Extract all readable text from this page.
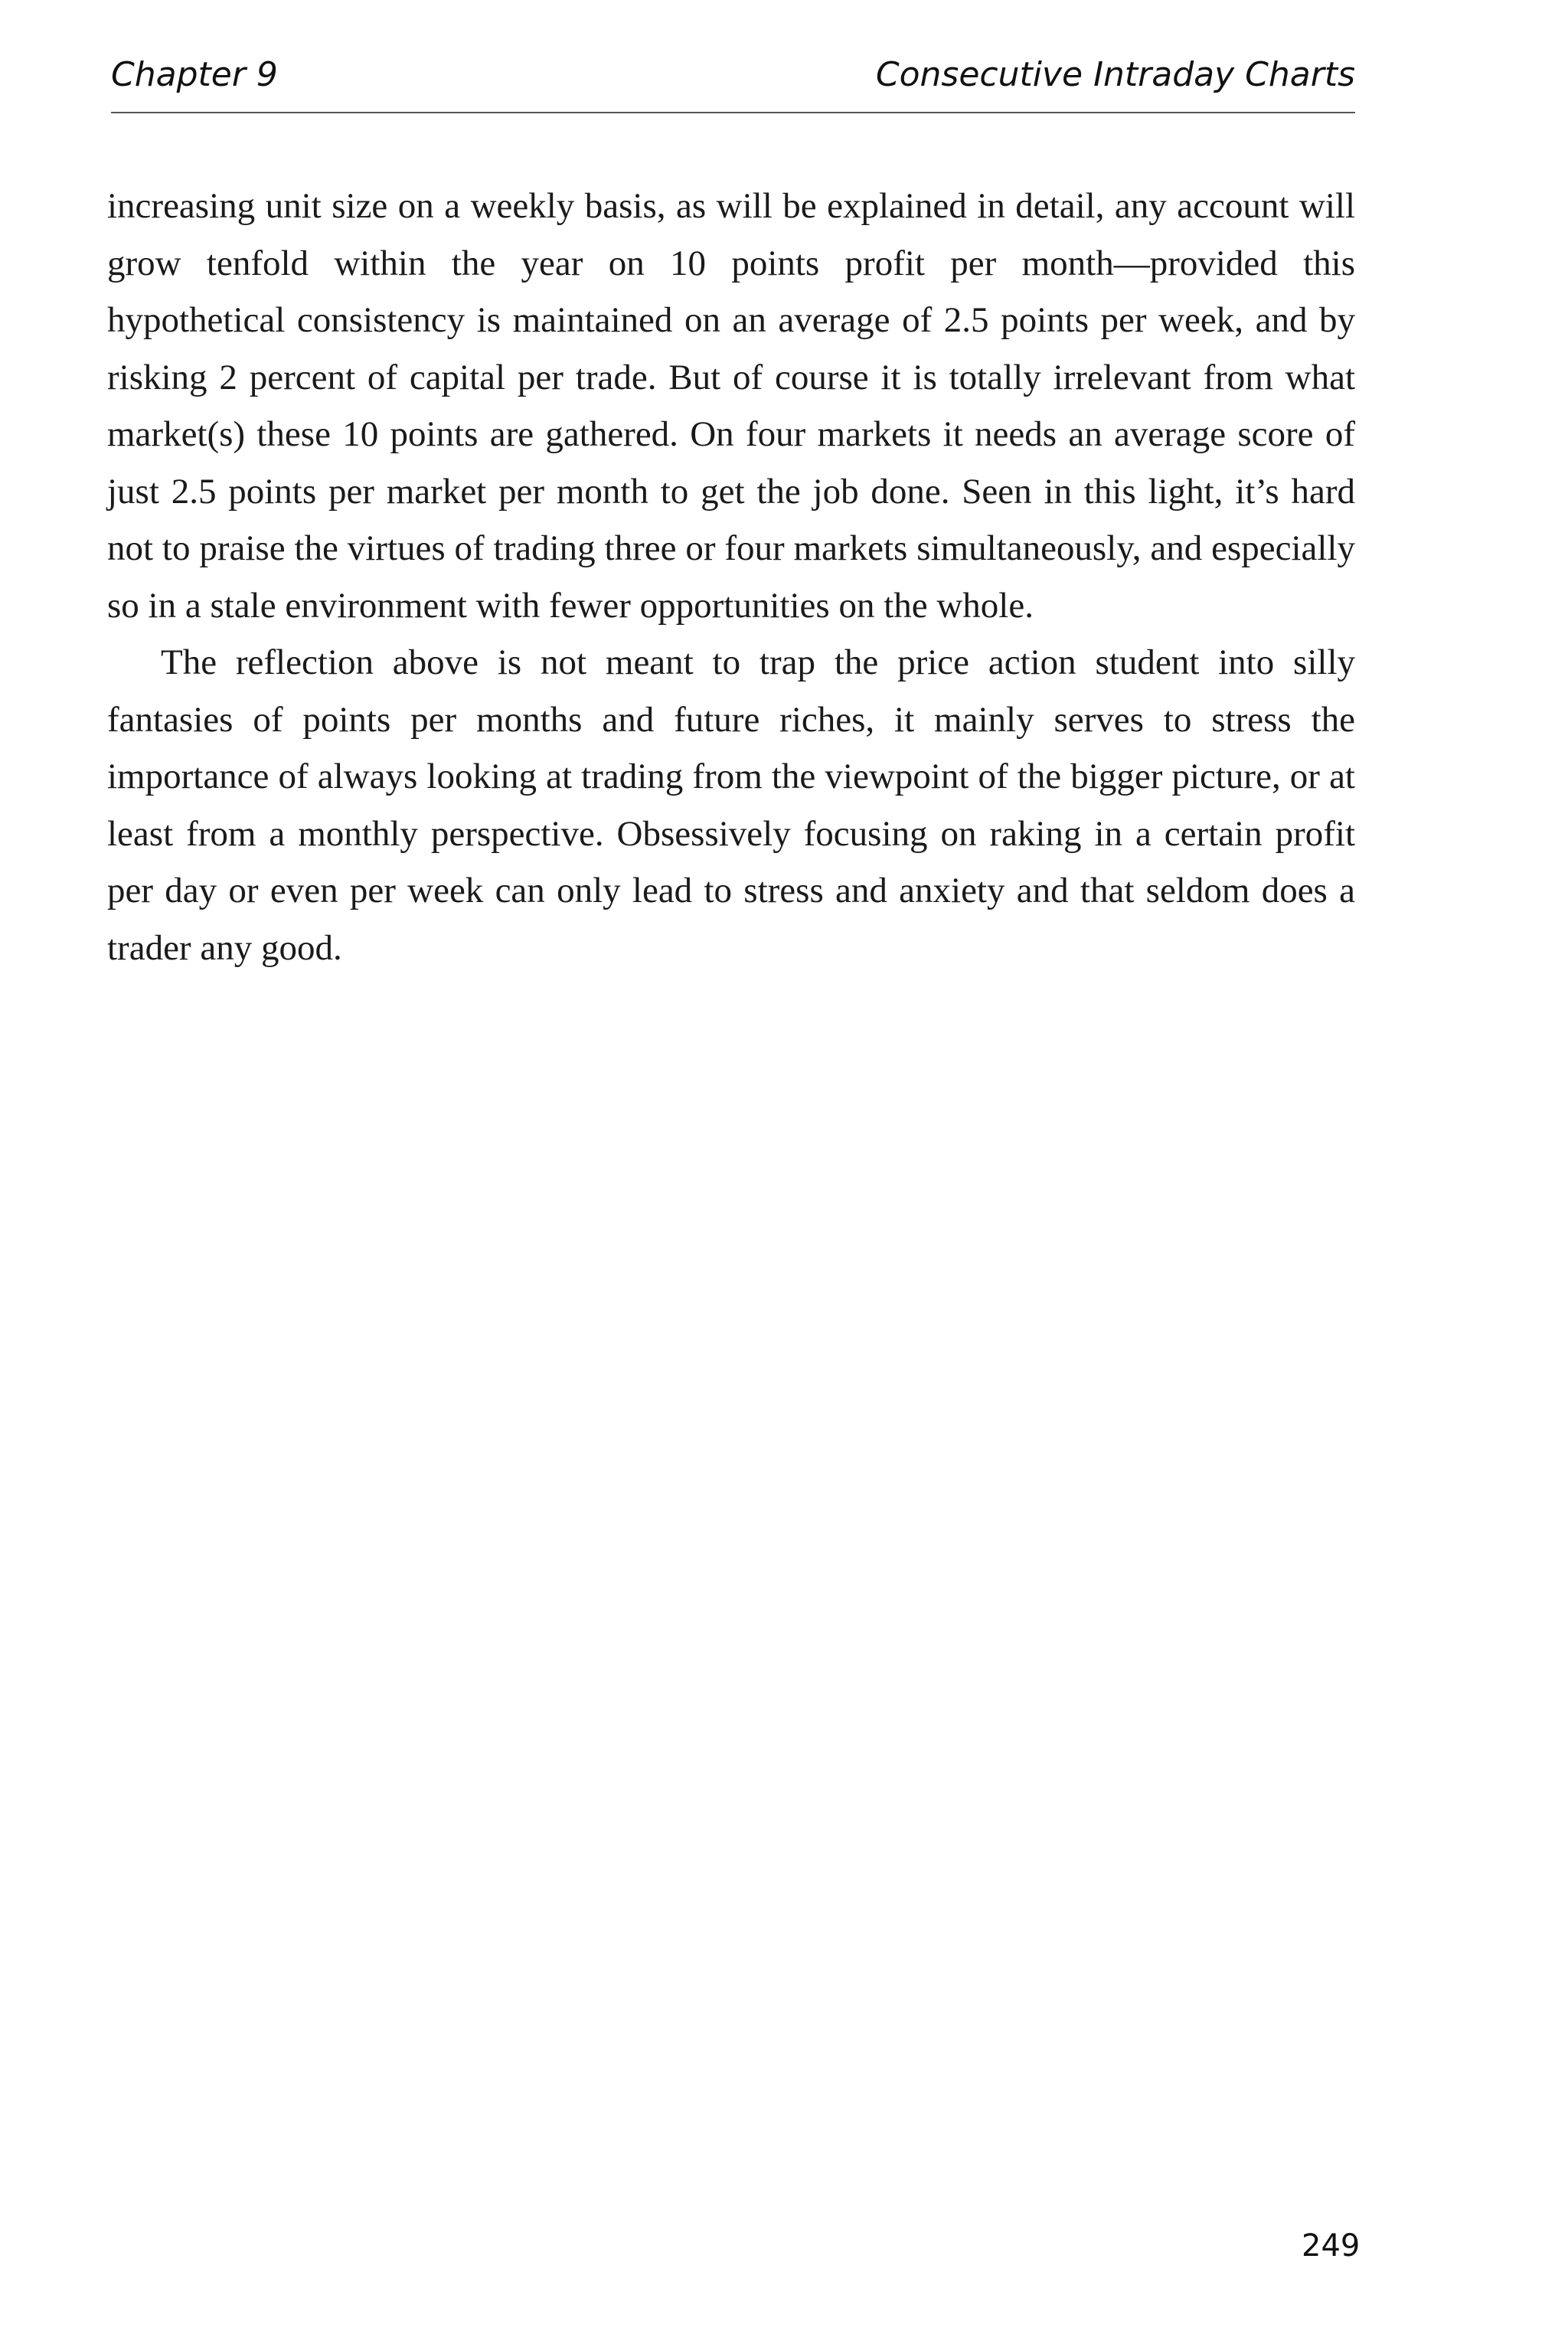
Chapter 9	Consecutive Intraday Charts

increasing unit size on a weekly basis, as will be explained in detail, any account will grow tenfold within the year on 10 points profit per month—provided this hypothetical consistency is maintained on an average of 2.5 points per week, and by risking 2 percent of capital per trade. But of course it is totally irrelevant from what market(s) these 10 points are gathered. On four markets it needs an average score of just 2.5 points per market per month to get the job done. Seen in this light, it’s hard not to praise the virtues of trading three or four markets simultaneously, and especially so in a stale environment with fewer opportunities on the whole.

The reflection above is not meant to trap the price action student into silly fantasies of points per months and future riches, it mainly serves to stress the importance of always looking at trading from the viewpoint of the bigger picture, or at least from a monthly perspective. Obsessively focusing on raking in a certain profit per day or even per week can only lead to stress and anxiety and that seldom does a trader any good.

249
